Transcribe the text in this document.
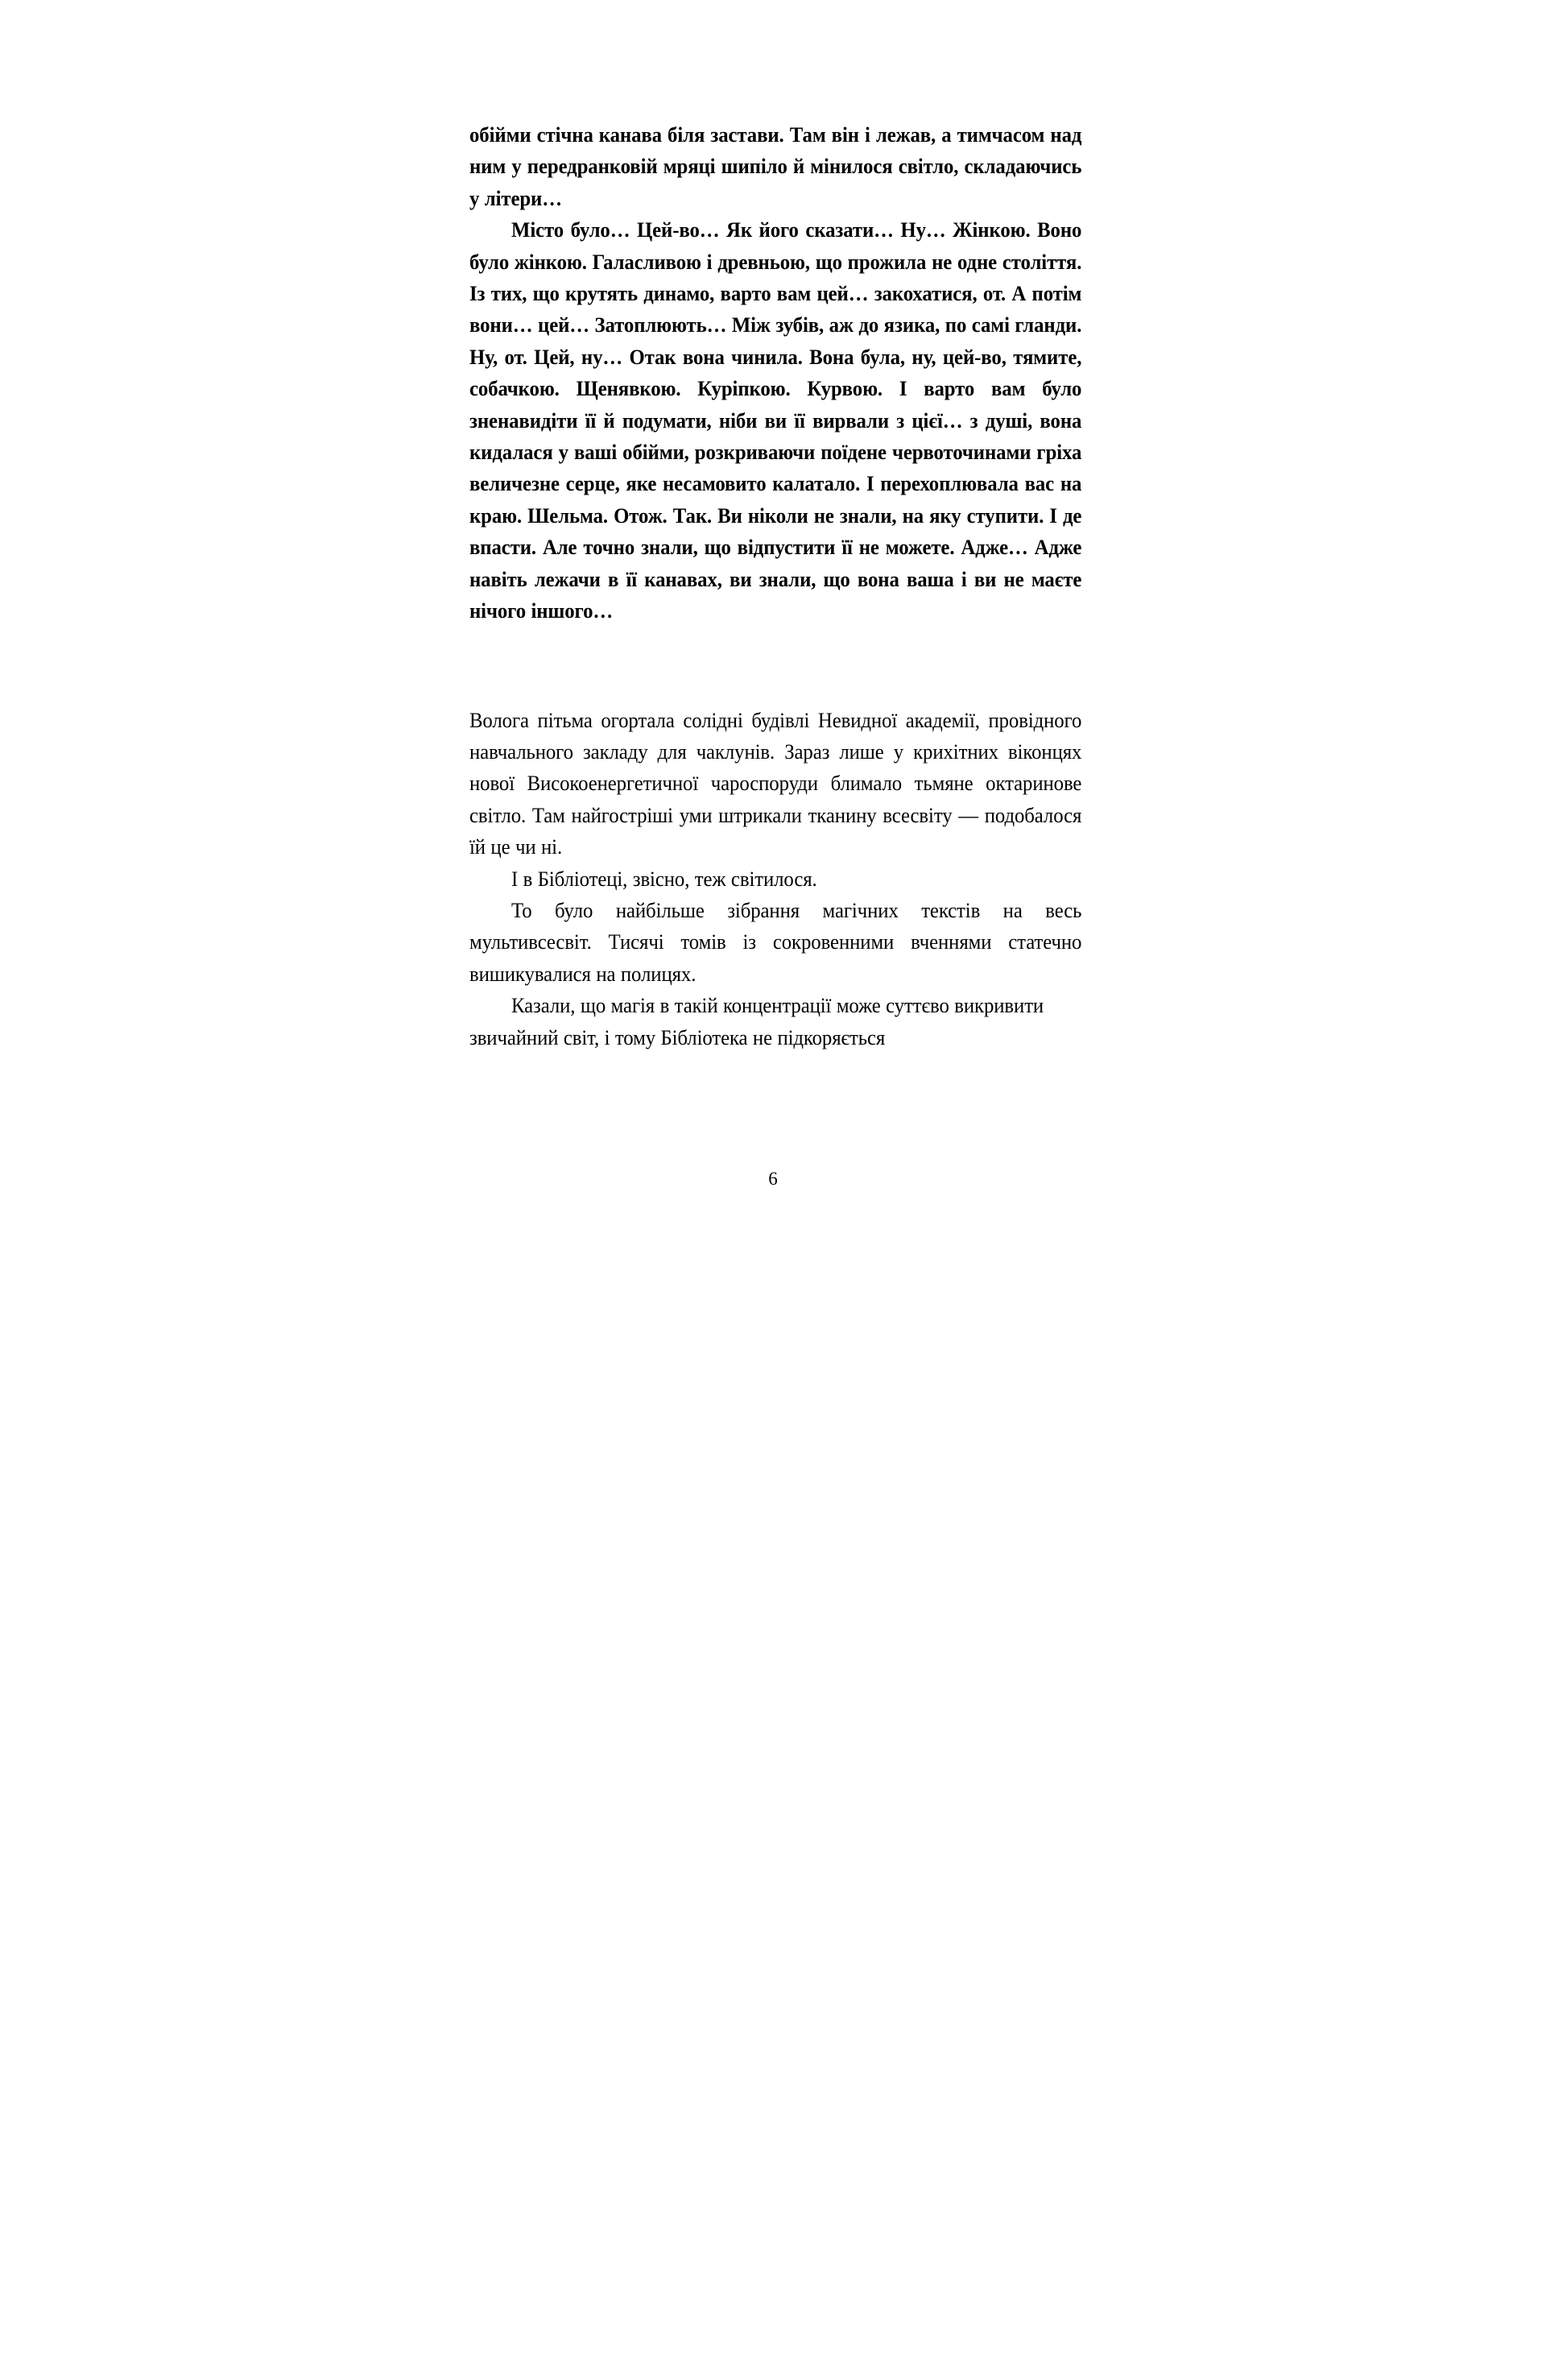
обійми стічна канава біля застави. Там він і лежав, а тимчасом над ним у передранковій мряці шипіло й мінилося світло, складаючись у літери…

Місто було… Цей-во… Як його сказати… Ну… Жінкою. Воно було жінкою. Галасливою і древньою, що прожила не одне століття. Із тих, що крутять динамо, варто вам цей… закохатися, от. А потім вони… цей… Затоплюють… Між зубів, аж до язика, по самі гланди. Ну, от. Цей, ну… Отак вона чинила. Вона була, ну, цей-во, тямите, собачкою. Щенявкою. Куріпкою. Курвою. І варто вам було зненавидіти її й подумати, ніби ви її вирвали з цієї… з душі, вона кидалася у ваші обійми, розкриваючи поїдене червоточинами гріха величезне серце, яке несамовито калатало. І перехоплювала вас на краю. Шельма. Отож. Так. Ви ніколи не знали, на яку ступити. І де впасти. Але точно знали, що відпустити її не можете. Адже… Адже навіть лежачи в її канавах, ви знали, що вона ваша і ви не маєте нічого іншого…

Волога пітьма огортала солідні будівлі Невидної академії, провідного навчального закладу для чаклунів. Зараз лише у крихітних віконцях нової Високоенергетичної чароспоруди блимало тьмяне октаринове світло. Там найгостріші уми штрикали тканину всесвіту — подобалося їй це чи ні.

І в Бібліотеці, звісно, теж світилося.

То було найбільше зібрання магічних текстів на весь мультивсесвіт. Тисячі томів із сокровенними вченнями статечно вишикувалися на полицях.

Казали, що магія в такій концентрації може суттєво викривити звичайний світ, і тому Бібліотека не підкоряється

6
